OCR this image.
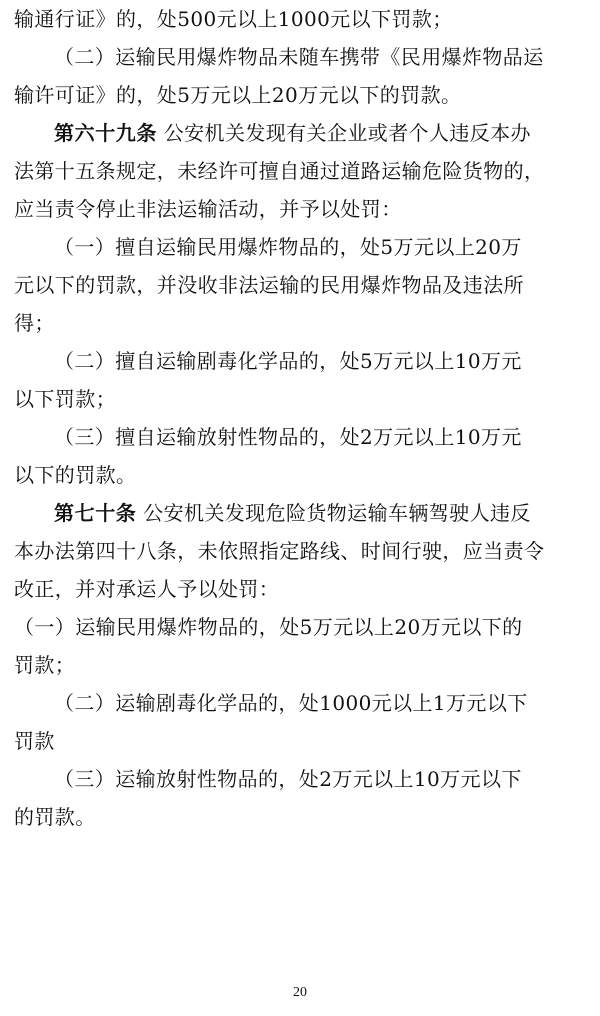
输通行证》的，处500元以上1000元以下罚款；
（二）运输民用爆炸物品未随车携带《民用爆炸物品运
输许可证》的，处5万元以上20万元以下的罚款。
第六十九条 公安机关发现有关企业或者个人违反本办
法第十五条规定，未经许可擅自通过道路运输危险货物的，
应当责令停止非法运输活动，并予以处罚：
（一）擅自运输民用爆炸物品的，处5万元以上20万
元以下的罚款，并没收非法运输的民用爆炸物品及违法所
得；
（二）擅自运输剧毒化学品的，处5万元以上10万元
以下罚款；
（三）擅自运输放射性物品的，处2万元以上10万元
以下的罚款。
第七十条 公安机关发现危险货物运输车辆驾驶人违反
本办法第四十八条，未依照指定路线、时间行驶，应当责令
改正，并对承运人予以处罚：
（一）运输民用爆炸物品的，处5万元以上20万元以下的
罚款；
（二）运输剧毒化学品的，处1000元以上1万元以下
罚款
（三）运输放射性物品的，处2万元以上10万元以下
的罚款。
20
